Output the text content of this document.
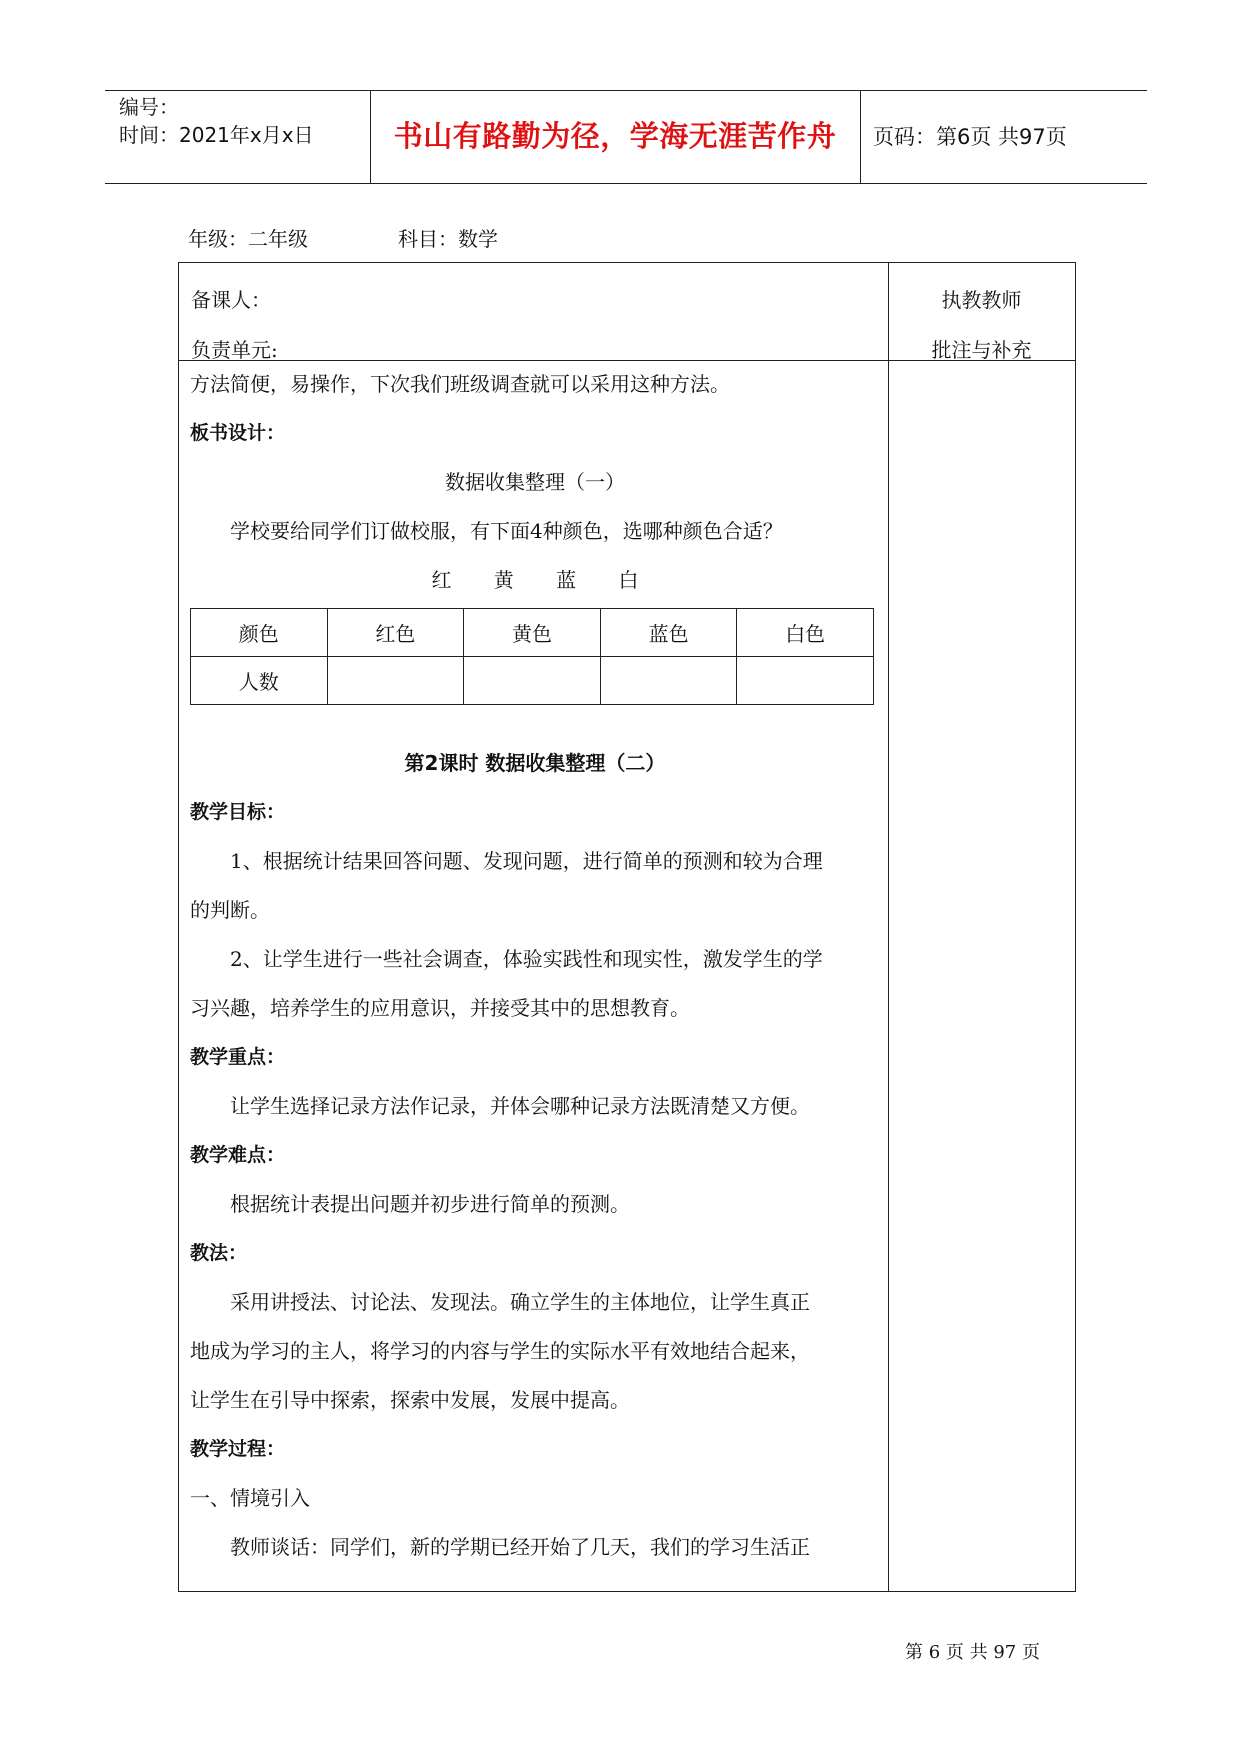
编号：
时间：2021年x月x日	书山有路勤为径，学海无涯苦作舟	页码：第6页 共97页
年级：二年级	科目：数学
备课人：
负责单元:
执教教师
批注与补充

方法简便，易操作，下次我们班级调查就可以采用这种方法。

板书设计：

数据收集整理（一）

学校要给同学们订做校服，有下面4种颜色，选哪种颜色合适？

红 黄 蓝 白

颜色	红色	黄色	蓝色	白色
人数				

第2课时 数据收集整理（二）

教学目标：

1、根据统计结果回答问题、发现问题，进行简单的预测和较为合理

的判断。

2、让学生进行一些社会调查，体验实践性和现实性，激发学生的学

习兴趣，培养学生的应用意识，并接受其中的思想教育。

教学重点：

让学生选择记录方法作记录，并体会哪种记录方法既清楚又方便。

教学难点：

根据统计表提出问题并初步进行简单的预测。

教法：

采用讲授法、讨论法、发现法。确立学生的主体地位，让学生真正

地成为学习的主人，将学习的内容与学生的实际水平有效地结合起来，

让学生在引导中探索，探索中发展，发展中提高。

教学过程：

一、情境引入

教师谈话：同学们，新的学期已经开始了几天，我们的学习生活正

第 6 页 共 97 页
